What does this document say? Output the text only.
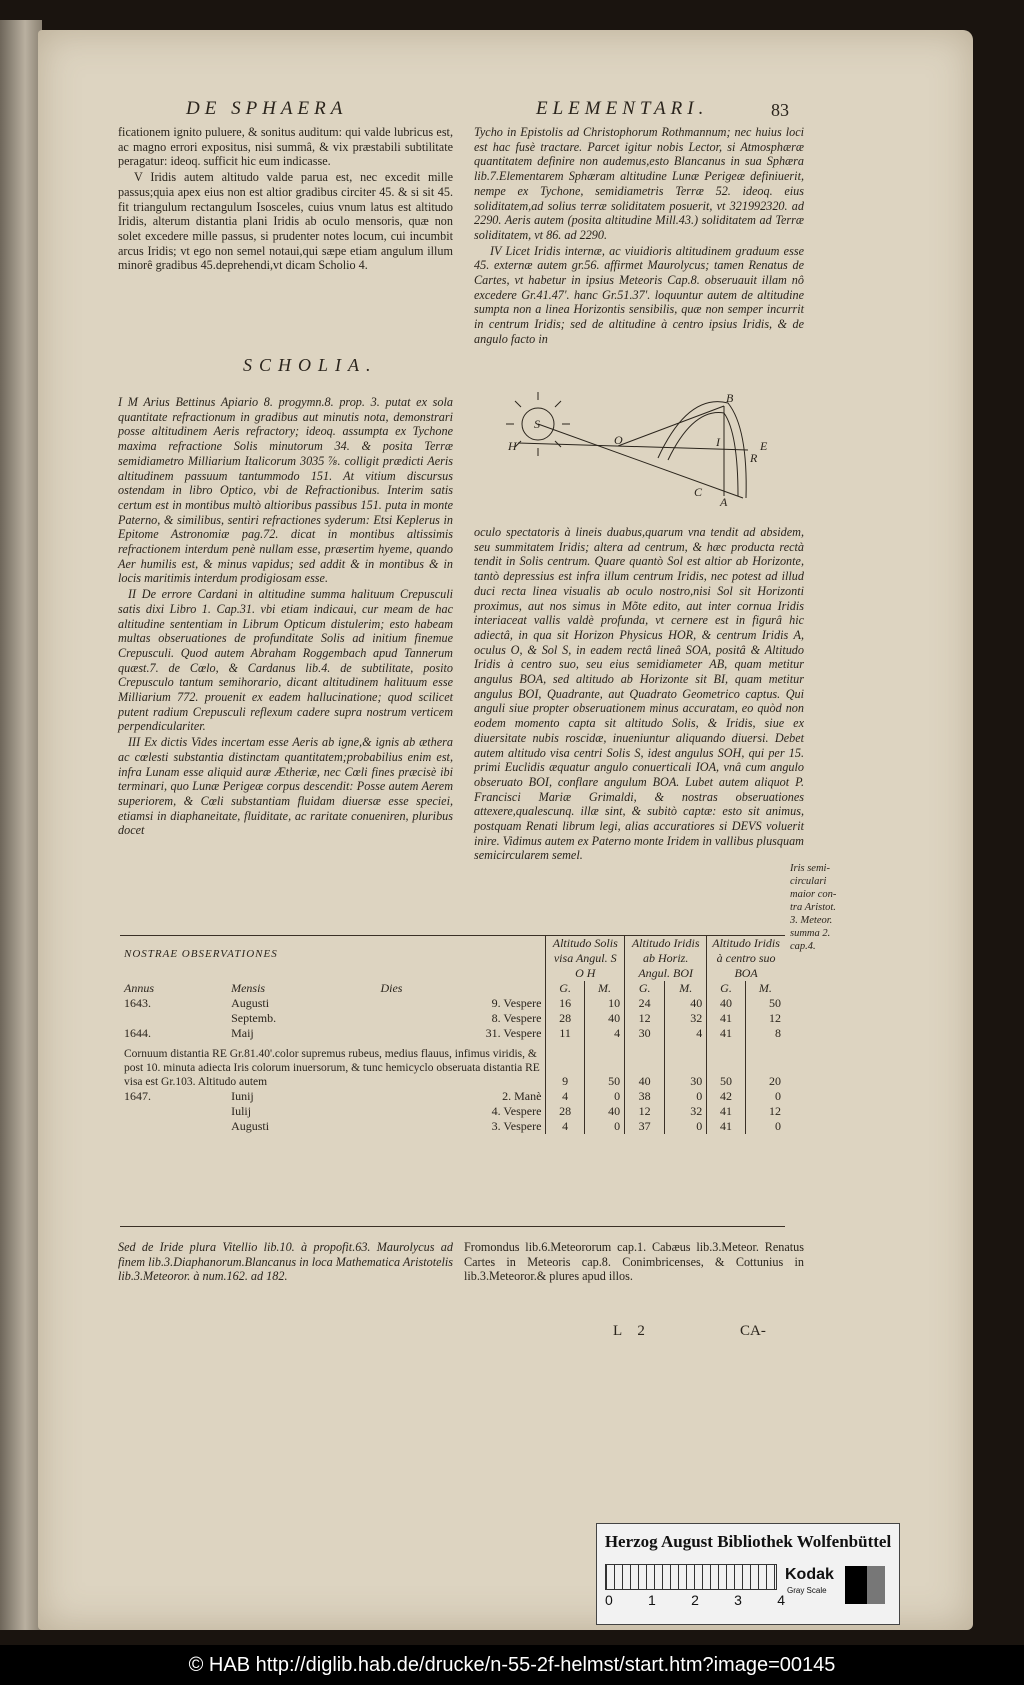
DE SPHAERA	ELEMENTARI.	83

ficationem ignito puluere, & sonitus auditum: qui valde lubricus est, ac magno errori expositus, nisi summâ, & vix præstabili subtilitate peragatur: ideoq. sufficit hic eum indicasse.

V Iridis autem altitudo valde parua est, nec excedit mille passus;quia apex eius non est altior gradibus circiter 45. & si sit 45. fit triangulum rectangulum Isosceles, cuius vnum latus est altitudo Iridis, alterum distantia plani Iridis ab oculo mensoris, quæ non solet excedere mille passus, si prudenter notes locum, cui incumbit arcus Iridis; vt ego non semel notaui,qui sæpe etiam angulum illum minorê gradibus 45.deprehendi,vt dicam Scholio 4.

SCHOLIA.

I M Arius Bettinus Apiario 8. progymn.8. prop. 3. putat ex sola quantitate refractionum in gradibus aut minutis nota, demonstrari posse altitudinem Aeris refractory; ideoq. assumpta ex Tychone maxima refractione Solis minutorum 34. & posita Terræ semidiametro Milliarium Italicorum 3035 ⅞. colligit prædicti Aeris altitudinem passuum tantummodo 151. At vitium discursus ostendam in libro Optico, vbi de Refractionibus. Interim satis certum est in montibus multò altioribus passibus 151. puta in monte Paterno, & similibus, sentiri refractiones syderum: Etsi Keplerus in Epitome Astronomiæ pag.72. dicat in montibus altissimis refractionem interdum penè nullam esse, præsertim hyeme, quando Aer humilis est, & minus vapidus; sed addit & in montibus & in locis maritimis interdum prodigiosam esse.

II De errore Cardani in altitudine summa halituum Crepusculi satis dixi Libro 1. Cap.31. vbi etiam indicaui, cur meam de hac altitudine sententiam in Librum Opticum distulerim; esto habeam multas obseruationes de profunditate Solis ad initium finemue Crepusculi. Quod autem Abraham Roggembach apud Tannerum quæst.7. de Cœlo, & Cardanus lib.4. de subtilitate, posito Crepusculo tantum semihorario, dicant altitudinem halituum esse Milliarium 772. prouenit ex eadem hallucinatione; quod scilicet putent radium Crepusculi reflexum cadere supra nostrum verticem perpendiculariter.

III Ex dictis Vides incertam esse Aeris ab igne,& ignis ab æthera ac cœlesti substantia distinctam quantitatem;probabilius enim est, infra Lunam esse aliquid auræ Ætheriæ, nec Cœli fines præcisè ibi terminari, quo Lunæ Perigeæ corpus descendit: Posse autem Aerem superiorem, & Cœli substantiam fluidam diuersæ esse speciei, etiamsi in diaphaneitate, fluiditate, ac raritate conueniren, pluribus docet

Tycho in Epistolis ad Christophorum Rothmannum; nec huius loci est hac fusè tractare. Parcet igitur nobis Lector, si Atmosphæræ quantitatem definire non audemus,esto Blancanus in sua Sphæra lib.7.Elementarem Sphæram altitudine Lunæ Perigeæ definiuerit, nempe ex Tychone, semidiametris Terræ 52. ideoq. eius soliditatem,ad solius terræ soliditatem posuerit, vt 321992320. ad 2290. Aeris autem (posita altitudine Mill.43.) soliditatem ad Terræ soliditatem, vt 86. ad 2290.

IV Licet Iridis internæ, ac viuidioris altitudinem graduum esse 45. externæ autem gr.56. affirmet Maurolycus; tamen Renatus de Cartes, vt habetur in ipsius Meteoris Cap.8. obseruauit illam nô excedere Gr.41.47'. hanc Gr.51.37'. loquuntur autem de altitudine sumpta non a linea Horizontis sensibilis, quæ non semper incurrit in centrum Iridis; sed de altitudine à centro ipsius Iridis, & de angulo facto in

S
H	O
R
I	E
B
C
A

oculo spectatoris à lineis duabus,quarum vna tendit ad absidem, seu summitatem Iridis; altera ad centrum, & hæc producta rectà tendit in Solis centrum. Quare quantò Sol est altior ab Horizonte, tantò depressius est infra illum centrum Iridis, nec potest ad illud duci recta linea visualis ab oculo nostro,nisi Sol sit Horizonti proximus, aut nos simus in Mõte edito, aut inter cornua Iridis interiaceat vallis valdè profunda, vt cernere est in figurâ hic adiectâ, in qua sit Horizon Physicus HOR, & centrum Iridis A, oculus O, & Sol S, in eadem rectâ lineâ SOA, positâ & Altitudo Iridis à centro suo, seu eius semidiameter AB, quam metitur angulus BOA, sed altitudo ab Horizonte sit BI, quam metitur angulus BOI, Quadrante, aut Quadrato Geometrico captus. Qui anguli siue propter obseruationem minus accuratam, eo quòd non eodem momento capta sit altitudo Solis, & Iridis, siue ex diuersitate nubis roscidæ, inueniuntur aliquando diuersi. Debet autem altitudo visa centri Solis S, idest angulus SOH, qui per 15. primi Euclidis æquatur angulo conuerticali IOA, vnâ cum angulo obseruato BOI, conflare angulum BOA. Lubet autem aliquot P. Francisci Mariæ Grimaldi, & nostras obseruationes attexere,qualescunq. illæ sint, & subitò captæ: esto sit animus, postquam Renati librum legi, alias accuratiores si DEVS voluerit inire. Vidimus autem ex Paterno monte Iridem in vallibus plusquam semicircularem semel.

Iris semi-
circulari
maior con-
tra Aristot.
3. Meteor.
summa 2.
cap.4.
NOSTRAE OBSERVATIONES			Altitudo Solis visa Angul. S O H		Altitudo Iridis ab Horiz. Angul. BOI		Altitudo Iridis à centro suo BOA	
Annus	Mensis	Dies	G.	M.	G.	M.	G.	M.
1643.	Augusti	9. Vespere	16	10	24	40	40	50
	Septemb.	8. Vespere	28	40	12	32	41	12
1644.	Maij	31. Vespere	11	4	30	4	41	8
Cornuum distantia RE Gr.81.40'.color supremus rubeus, medius flauus, infimus viridis, & post 10. minuta adiecta Iris colorum inuersorum, & tunc hemicyclo obseruata distantia RE visa est Gr.103. Altitudo autem			9	50	40	30	50	20
1647.	Iunij	2. Manè	4	0	38	0	42	0
	Iulij	4. Vespere	28	40	12	32	41	12
	Augusti	3. Vespere	4	0	37	0	41	0
Sed de Iride plura Vitellio lib.10. à propofit.63. Maurolycus ad finem lib.3.Diaphanorum.Blancanus in loca Mathematica Aristotelis lib.3.Meteoror. à num.162. ad 182.
Fromondus lib.6.Meteororum cap.1. Cabæus lib.3.Meteor. Renatus Cartes in Meteoris cap.8. Conimbricenses, & Cottunius in lib.3.Meteoror.& plures apud illos.
L 2	CA-
Herzog August Bibliothek Wolfenbüttel
0	1	2	3	4
Kodak
Gray Scale
© HAB http://diglib.hab.de/drucke/n-55-2f-helmst/start.htm?image=00145
